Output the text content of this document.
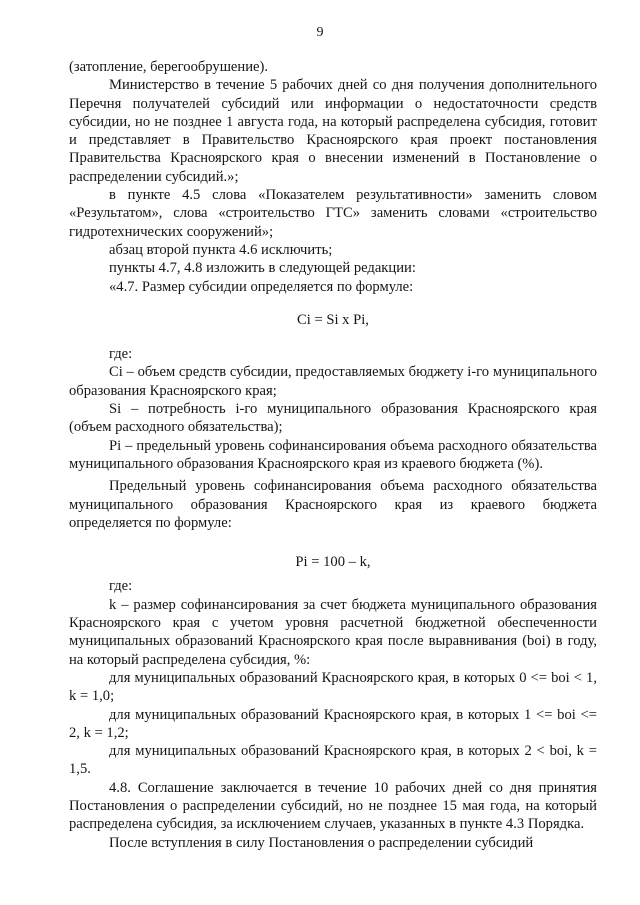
9

(затопление, берегообрушение).

Министерство в течение 5 рабочих дней со дня получения дополнительного Перечня получателей субсидий или информации о недостаточности средств субсидии, но не позднее 1 августа года, на который распределена субсидия, готовит и представляет в Правительство Красноярского края проект постановления Правительства Красноярского края о внесении изменений в Постановление о распределении субсидий.»;

в пункте 4.5 слова «Показателем результативности» заменить словом «Результатом», слова «строительство ГТС» заменить словами «строительство гидротехнических сооружений»;

абзац второй пункта 4.6 исключить;

пункты 4.7, 4.8 изложить в следующей редакции:

«4.7. Размер субсидии определяется по формуле:

Ci = Si x Pi,

где:

Ci – объем средств субсидии, предоставляемых бюджету i-го муниципального образования Красноярского края;

Si – потребность i-го муниципального образования Красноярского края (объем расходного обязательства);

Pi – предельный уровень софинансирования объема расходного обязательства муниципального образования Красноярского края из краевого бюджета (%).

Предельный уровень софинансирования объема расходного обязательства муниципального образования Красноярского края из краевого бюджета определяется по формуле:

Pi = 100 – k,

где:

k – размер софинансирования за счет бюджета муниципального образования Красноярского края с учетом уровня расчетной бюджетной обеспеченности муниципальных образований Красноярского края после выравнивания (boi) в году, на который распределена субсидия, %:

для муниципальных образований Красноярского края, в которых 0 <= boi < 1, k = 1,0;

для муниципальных образований Красноярского края, в которых 1 <= boi <= 2, k = 1,2;

для муниципальных образований Красноярского края, в которых 2 < boi, k = 1,5.

4.8. Соглашение заключается в течение 10 рабочих дней со дня принятия Постановления о распределении субсидий, но не позднее 15 мая года, на который распределена субсидия, за исключением случаев, указанных в пункте 4.3 Порядка.

После вступления в силу Постановления о распределении субсидий
